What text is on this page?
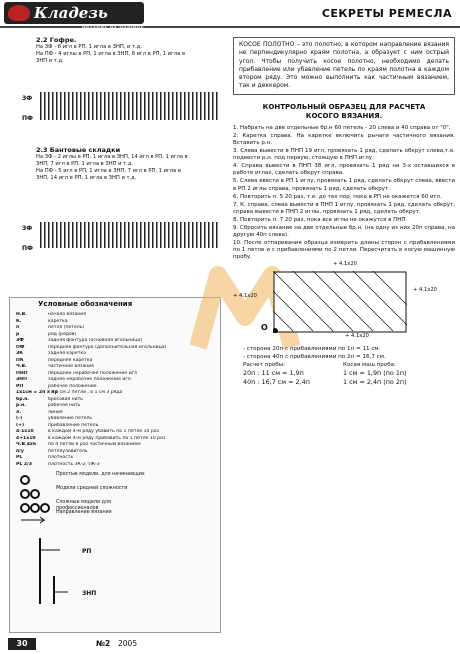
Кладезь
ВЯЗАНИЕ НА МАШИНЕ
СЕКРЕТЫ РЕМЕСЛА
2.2 Гофре.
На ЗФ - 8 игл в РП, 1 игла в ЗНП, и т.д.
На ПФ - 4 иглы в РП, 1 игла в ЗНП, 8 игл в РП, 1 игла в
ЗНП и т.д.
ЗФ
ПФ
2.3 Бантовые складки
На ЗФ - 2 иглы в РП, 1 игла в ЗНП, 14 игл в РП, 1 игла в
ЗНП, 7 игл в РП, 1 игла в ЗНП и т.д.
На ПФ - 5 игл в РП, 1 игла в ЗНП, 7 игл в РП, 1 игла в
ЗНП, 14 игл в РП, 1 игла в ЗНП и т.д.
ЗФ
ПФ
Условные обозначения
Н.В.	начало вязания
К.	каретка
п	петля (петель)
р	ряд (рядов)
ЗФ	задняя фонтура (основная игольница)
ПФ	передняя фонтура (дополнительная игольница)
ЗК	задняя каретка
ПК	передняя каретка
Ч.В.	частичное вязание
ПНП	переднее нерабочее положение игл
ЗНП	заднее нерабочее положение игл
РП	рабочее положение
1х1см = 2п х 3р
- в 1 см 2 петли , в 1 см 3 ряда
бр.н.	бросовая нить
р.н.	рабочая нить
л.	линия
(-)	убавление петель
(+)	прибавление петель
4-1х10	в каждом 4-м ряду убавить по 1 петле 10 раз
4+1х10	в каждом 4-м ряду прибавить по 1 петле 10 раз
Ч.В.4х6	по 4 петли 6 раз частичным вязанием
п/у	петлеуловитель
PL	плотность
PL 2/3	плотность ЗК-2, ПК-3
Простые модели, для начинающих
Модели средней сложности
Сложные модели для профессионалов
Направление вязания
РП
ЗНП
КОСОЕ ПОЛОТНО – это полотно, в котором направление вязания не перпендикулярно краям полотна, а образует с ним острый угол. Чтобы получить косое полотно, необходимо делать прибавление или убавление петель по краям полотна в каждом втором ряду. Это можно выполнить как частичным вязанием, так и деккером.
КОНТРОЛЬНЫЙ ОБРАЗЕЦ ДЛЯ РАСЧЕТА
КОСОГО ВЯЗАНИЯ.

1. Набрать на две отдельные бр.н 60 петель - 20 слева и 40 справа от "0".

2. Каретка справа. На каретке включить рычаги частичного вязания. Вставить р.н.

3. Слева вывести в ПНП 19 игл, провязать 1 ряд, сделать обкрут слева,т.е. подвести р.н. под первую, стоящую в ПНП иглу.

4. Справа вывести в ПНП 38 игл, провязать 1 ряд на 3-х оставшихся в работе иглах, сделать обкрут справа.

5. Слева ввести в РП 1 иглу, провязать 1 ряд, сделать обкрут слева, ввести в РП 2 иглы справа, провязать 1 ряд, сделать обкрут.

6. Повторить п. 5 20 раз, т.е. до тех пор, пока в РП не окажется 60 игл.

7. К. справа, слева вывести в ПНП 1 иглу, провязать 1 ряд, сделать обкрут, справа вывести в ПНП 2 иглы, провязать 1 ряд, сделать обкрут.

8. Повторить п. 7 20 раз, пока все иглы не окажутся в ПНП.

9. Сбросить вязание на две отдельные бр.н. (на одну из них 20п справа, на другую 40п слева).

10. После отпаривания образца измерить длины сторон с прибавлениями по 1 петле и с прибавлениями по 2 петли. Пересчитать в косую машинную пробу.

+ 4.1x20
+ 4.1x20
+ 4.1x20
+ 4.1x20
O
- сторона 20п с прибавлениями по 1п = 11 см.
- сторона 40п с прибавлениями по 2п = 16,7 см.
Расчет пробы:	Косая маш.проба:
20п : 11 см = 1,9п	1 см = 1,9п (по 1п)
40п : 16,7 см = 2,4п	1 см = 2,4п (по 2п)
30	№2 2005
